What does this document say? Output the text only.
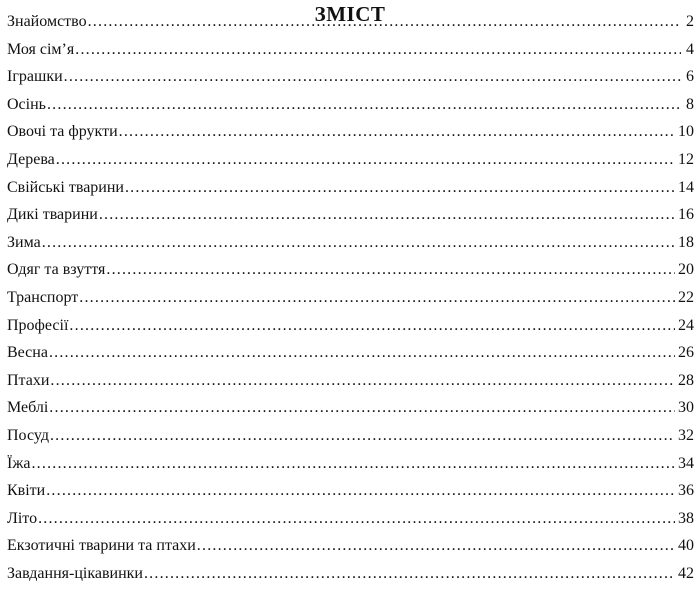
ЗМІСТ
Знайомство .....	2
Моя сім’я .....	4
Іграшки .....	6
Осінь .....	8
Овочі та фрукти .....	10
Дерева .....	12
Свійські тварини .....	14
Дикі тварини .....	16
Зима .....	18
Одяг та взуття .....	20
Транспорт .....	22
Професії .....	24
Весна .....	26
Птахи .....	28
Меблі .....	30
Посуд .....	32
Їжа .....	34
Квіти .....	36
Літо .....	38
Екзотичні тварини та птахи .....	40
Завдання-цікавинки .....	42
